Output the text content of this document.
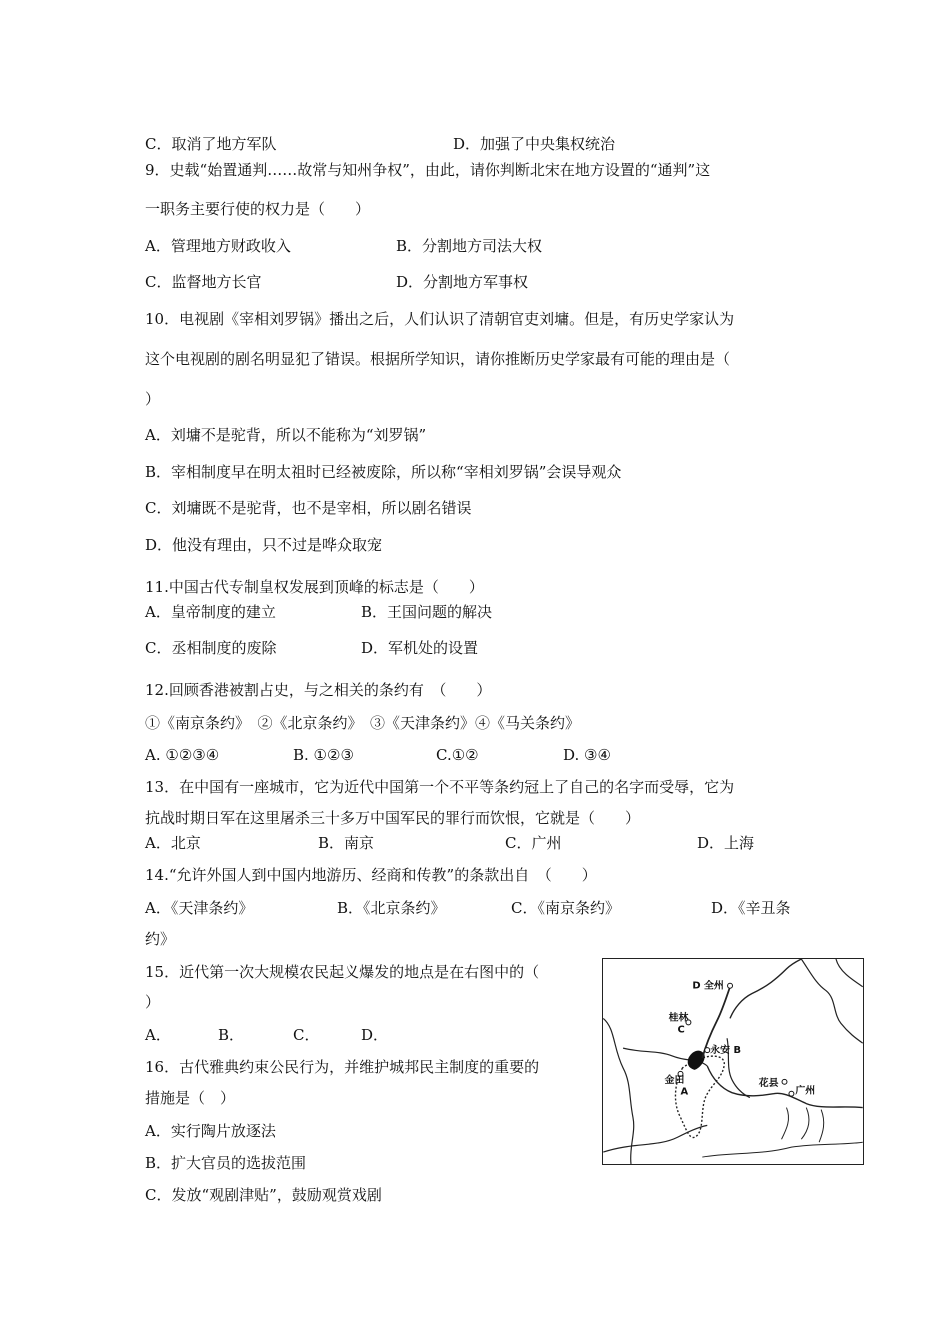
C．取消了地方军队	D．加强了中央集权统治
9．史载“始置通判……故常与知州争权”，由此，请你判断北宋在地方设置的“通判”这
一职务主要行使的权力是（　　）
A．管理地方财政收入	B．分割地方司法大权
C．监督地方长官	D．分割地方军事权
10．电视剧《宰相刘罗锅》播出之后，人们认识了清朝官吏刘墉。但是，有历史学家认为
这个电视剧的剧名明显犯了错误。根据所学知识，请你推断历史学家最有可能的理由是（
）
A．刘墉不是驼背，所以不能称为“刘罗锅”
B．宰相制度早在明太祖时已经被废除，所以称“宰相刘罗锅”会误导观众
C．刘墉既不是驼背，也不是宰相，所以剧名错误
D．他没有理由，只不过是哗众取宠
11.中国古代专制皇权发展到顶峰的标志是（　　）
A．皇帝制度的建立	B．王国问题的解决
C．丞相制度的废除	D．军机处的设置
12.回顾香港被割占史，与之相关的条约有　（　　）
①《南京条约》　②《北京条约》　③《天津条约》④《马关条约》
A. ①②③④	B. ①②③	C.①②	D. ③④
13．在中国有一座城市，它为近代中国第一个不平等条约冠上了自己的名字而受辱，它为
抗战时期日军在这里屠杀三十多万中国军民的罪行而饮恨，它就是（　　）
A．北京	B．南京	C．广州	D．上海
14.“允许外国人到中国内地游历、经商和传教”的条款出自　（　　）
A．《天津条约》	B．《北京条约》	C．《南京条约》	D．《辛丑条
约》
15．近代第一次大规模农民起义爆发的地点是在右图中的（
）
A．	B．	C．	D．
D 全州
桂林
C
永安 B
金田
A
花县
广州
16．古代雅典约束公民行为，并维护城邦民主制度的重要的
措施是（　）
A．实行陶片放逐法
B．扩大官员的选拔范围
C．发放“观剧津贴”，鼓励观赏戏剧
